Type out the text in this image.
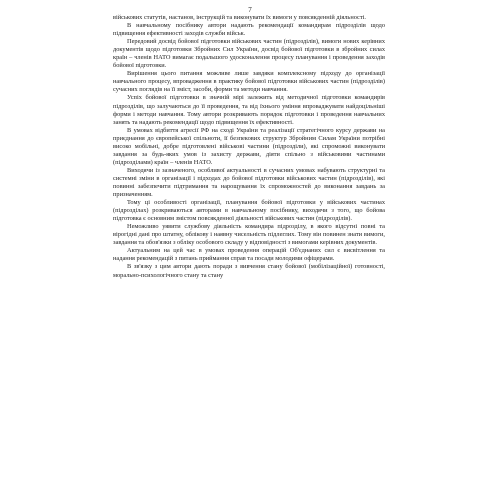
7

військових статутів, настанов, інструкцій та виконувати їх вимоги у повсякденній діяльності.

В навчальному посібнику автори надають рекомендації командирам підрозділів щодо підвищення ефективності заходів служби військ.

Передовий досвід бойової підготовки військових частин (підрозділів), вимоги нових керівних документів щодо підготовки Збройних Сил України, досвід бойової підготовки в збройних силах країн – членів НАТО вимагає подальшого удосконалення процесу планування і проведення заходів бойової підготовки.

Вирішення цього питання можливе лише завдяки комплексному підходу до організації навчального процесу, впровадження в практику бойової підготовки військових частин (підрозділів) сучасних поглядів на її зміст, засоби, форми та методи навчання.

Успіх бойової підготовки в значній мірі залежить від методичної підготовки командирів підрозділів, що залучаються до її проведення, та від їхнього уміння впроваджувати найдоцільніші форми і методи навчання. Тому автори розкривають порядок підготовки і проведення навчальних занять та надають рекомендації щодо підвищення їх ефективності.

В умовах відбиття агресії РФ на сході України та реалізації стратегічного курсу держави на приєднання до європейської спільноти, її безпекових структур Збройним Силам України потрібні високо мобільні, добре підготовлені військові частини (підрозділи), які спроможні виконувати завдання за будь-яких умов із захисту держави, діяти спільно з військовими частинами (підрозділами) країн – членів НАТО.

Виходячи із зазначеного, особливої актуальності в сучасних умовах набувають структурні та системні зміни в організації і підходах до бойової підготовки військових частин (підрозділів), які повинні забезпечити підтримання та нарощування їх спроможностей до виконання завдань за призначенням.

Тому ці особливості організації, планування бойової підготовки у військових частинах (підрозділах) розкриваються авторами в навчальному посібнику, виходячи з того, що бойова підготовка є основним змістом повсякденної діяльності військових частин (підрозділів).

Неможливо уявити службову діяльність командира підрозділу, в якого відсутні повні та вірогідні дані про штатну, облікову і наявну чисельність підлеглих. Тому він повинен знати вимоги, завдання та обов'язки з обліку особового складу у відповідності з вимогами керівних документів.

Актуальним на цей час в умовах проведення операцій Об'єднаних сил є висвітлення та надання рекомендацій з питань приймання справ та посади молодими офіцерами.

В зв'язку з цим автори дають поради з вивчення стану бойової (мобілізаційної) готовності, морально-психологічного стану та стану
